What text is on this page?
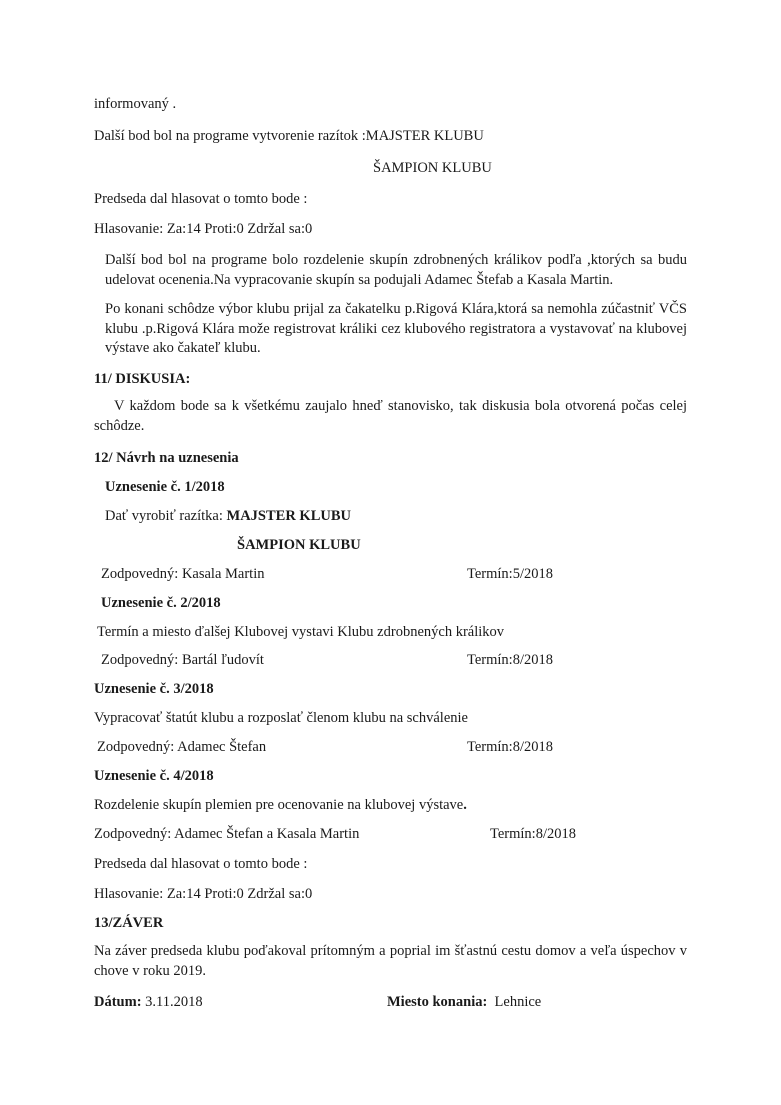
informovaný .
Další bod bol na programe vytvorenie razítok :MAJSTER KLUBU
ŠAMPION KLUBU
Predseda dal hlasovat o tomto bode :
Hlasovanie: Za:14 Proti:0 Zdržal sa:0
Další bod bol na programe bolo rozdelenie skupín zdrobnených králikov podľa ,ktorých sa budu udelovat ocenenia.Na vypracovanie skupín sa podujali Adamec Štefab a Kasala Martin.
Po konani schôdze výbor klubu prijal za čakatelku p.Rigová Klára,ktorá sa nemohla zúčastniť VČS klubu .p.Rigová Klára može registrovat králiki cez klubového registratora a vystavovať na klubovej výstave ako čakateľ klubu.
11/ DISKUSIA:
V každom bode sa k všetkému zaujalo hneď stanovisko, tak diskusia bola otvorená počas celej schôdze.
12/ Návrh na uznesenia
Uznesenie č. 1/2018
Dať vyrobiť razítka: MAJSTER KLUBU
ŠAMPION KLUBU
Zodpovedný: Kasala Martin	Termín:5/2018
Uznesenie č. 2/2018
Termín a miesto ďalšej Klubovej vystavi Klubu zdrobnených králikov
Zodpovedný: Bartál ľudovít	Termín:8/2018
Uznesenie č. 3/2018
Vypracovať štatút klubu a rozposlať členom klubu na schválenie
Zodpovedný: Adamec Štefan	Termín:8/2018
Uznesenie č. 4/2018
Rozdelenie skupín plemien pre ocenovanie na klubovej výstave.
Zodpovedný: Adamec Štefan a Kasala Martin	Termín:8/2018
Predseda dal hlasovat o tomto bode :
Hlasovanie: Za:14 Proti:0 Zdržal sa:0
13/ZÁVER
Na záver predseda klubu poďakoval prítomným a poprial im šťastnú cestu domov a veľa úspechov v chove v roku 2019.
Dátum: 3.11.2018	Miesto konania:  Lehnice
